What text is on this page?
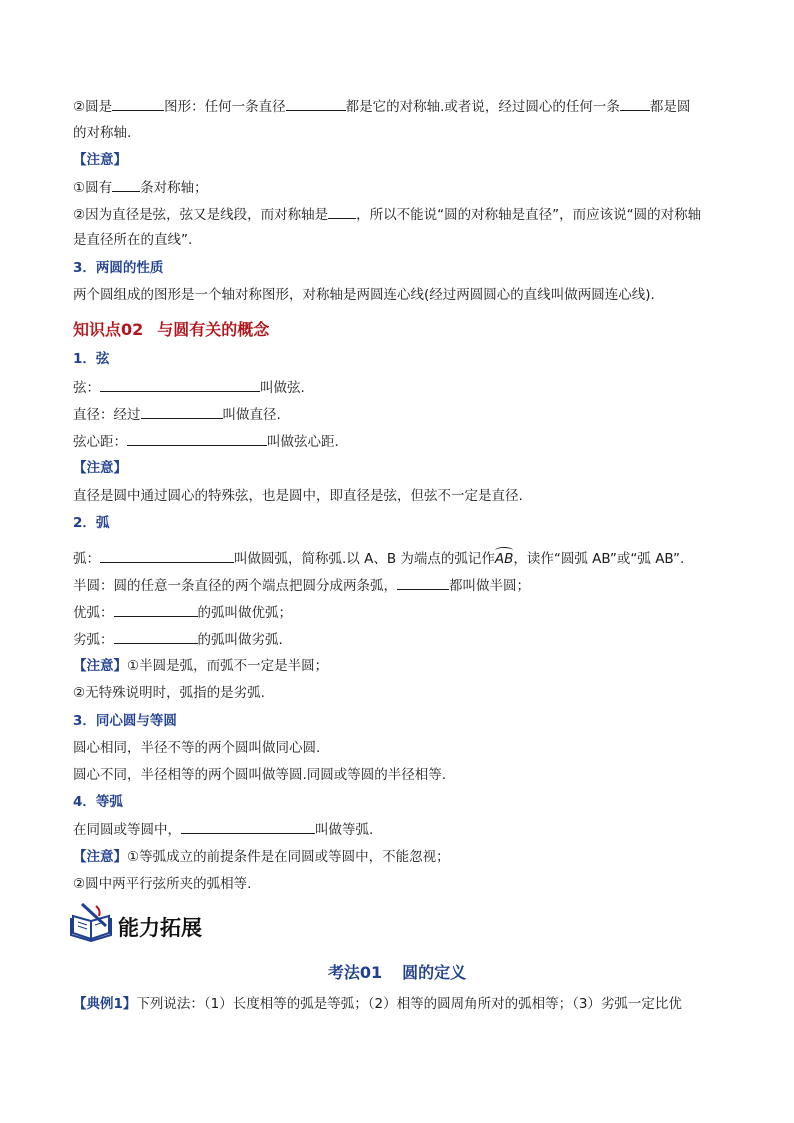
②圆是	图形：任何一条直径	都是它的对称轴.或者说，经过圆心的任何一条 都是圆
的对称轴.
【注意】
①圆有 条对称轴；
②因为直径是弦，弦又是线段，而对称轴是 ，所以不能说“圆的对称轴是直径”，而应该说“圆的对称轴
是直径所在的直线”.
3．两圆的性质
两个圆组成的图形是一个轴对称图形，对称轴是两圆连心线(经过两圆圆心的直线叫做两圆连心线).
知识点02 与圆有关的概念
1．弦
弦：	叫做弦.
直径：经过	叫做直径.
弦心距：	叫做弦心距.
【注意】
直径是圆中通过圆心的特殊弦，也是圆中，即直径是弦，但弦不一定是直径.
2．弧
弧：	叫做圆弧，简称弧.以 A、B 为端点的弧记作AB，读作“圆弧 AB”或“弧 AB”.
半圆：圆的任意一条直径的两个端点把圆分成两条弧，	都叫做半圆；
优弧：	的弧叫做优弧；
劣弧：	的弧叫做劣弧.
【注意】①半圆是弧，而弧不一定是半圆；
②无特殊说明时，弧指的是劣弧.
3．同心圆与等圆
圆心相同，半径不等的两个圆叫做同心圆.
圆心不同，半径相等的两个圆叫做等圆.同圆或等圆的半径相等.
4．等弧
在同圆或等圆中，	叫做等弧.
【注意】①等弧成立的前提条件是在同圆或等圆中，不能忽视；
②圆中两平行弦所夹的弧相等.
能力拓展
考法01 圆的定义
【典例1】下列说法：（1）长度相等的弧是等弧；（2）相等的圆周角所对的弧相等；（3）劣弧一定比优
